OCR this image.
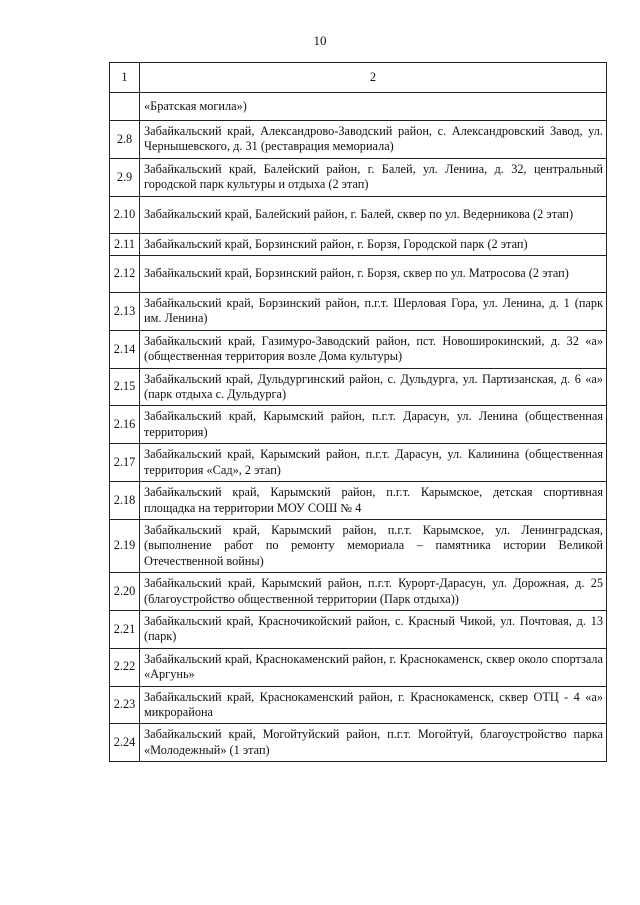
10
1	2
	«Братская могила»)
2.8	Забайкальский край, Александрово-Заводский район, с. Александровский Завод, ул. Чернышевского, д. 31 (реставрация мемориала)
2.9	Забайкальский край, Балейский район, г. Балей, ул. Ленина, д. 32, центральный городской парк культуры и отдыха (2 этап)
2.10	Забайкальский край, Балейский район, г. Балей, сквер по ул. Ведерникова (2 этап)
2.11	Забайкальский край, Борзинский район, г. Борзя, Городской парк (2 этап)
2.12	Забайкальский край, Борзинский район, г. Борзя, сквер по ул. Матросова (2 этап)
2.13	Забайкальский край, Борзинский район, п.г.т. Шерловая Гора, ул. Ленина, д. 1 (парк им. Ленина)
2.14	Забайкальский край, Газимуро-Заводский район, пст. Новоширокинский, д. 32 «а» (общественная территория возле Дома культуры)
2.15	Забайкальский край, Дульдургинский район, с. Дульдурга, ул. Партизанская, д. 6 «а» (парк отдыха с. Дульдурга)
2.16	Забайкальский край, Карымский район, п.г.т. Дарасун, ул. Ленина (общественная территория)
2.17	Забайкальский край, Карымский район, п.г.т. Дарасун, ул. Калинина (общественная территория «Сад», 2 этап)
2.18	Забайкальский край, Карымский район, п.г.т. Карымское, детская спортивная площадка на территории МОУ СОШ № 4
2.19	Забайкальский край, Карымский район, п.г.т. Карымское, ул. Ленинградская, (выполнение работ по ремонту мемориала – памятника истории Великой Отечественной войны)
2.20	Забайкальский край, Карымский район, п.г.т. Курорт-Дарасун, ул. Дорожная, д. 25 (благоустройство общественной территории (Парк отдыха))
2.21	Забайкальский край, Красночикойский район, с. Красный Чикой, ул. Почтовая, д. 13 (парк)
2.22	Забайкальский край, Краснокаменский район, г. Краснокаменск, сквер около спортзала «Аргунь»
2.23	Забайкальский край, Краснокаменский район, г. Краснокаменск, сквер ОТЦ - 4 «а» микрорайона
2.24	Забайкальский край, Могойтуйский район, п.г.т. Могойтуй, благоустройство парка «Молодежный» (1 этап)
